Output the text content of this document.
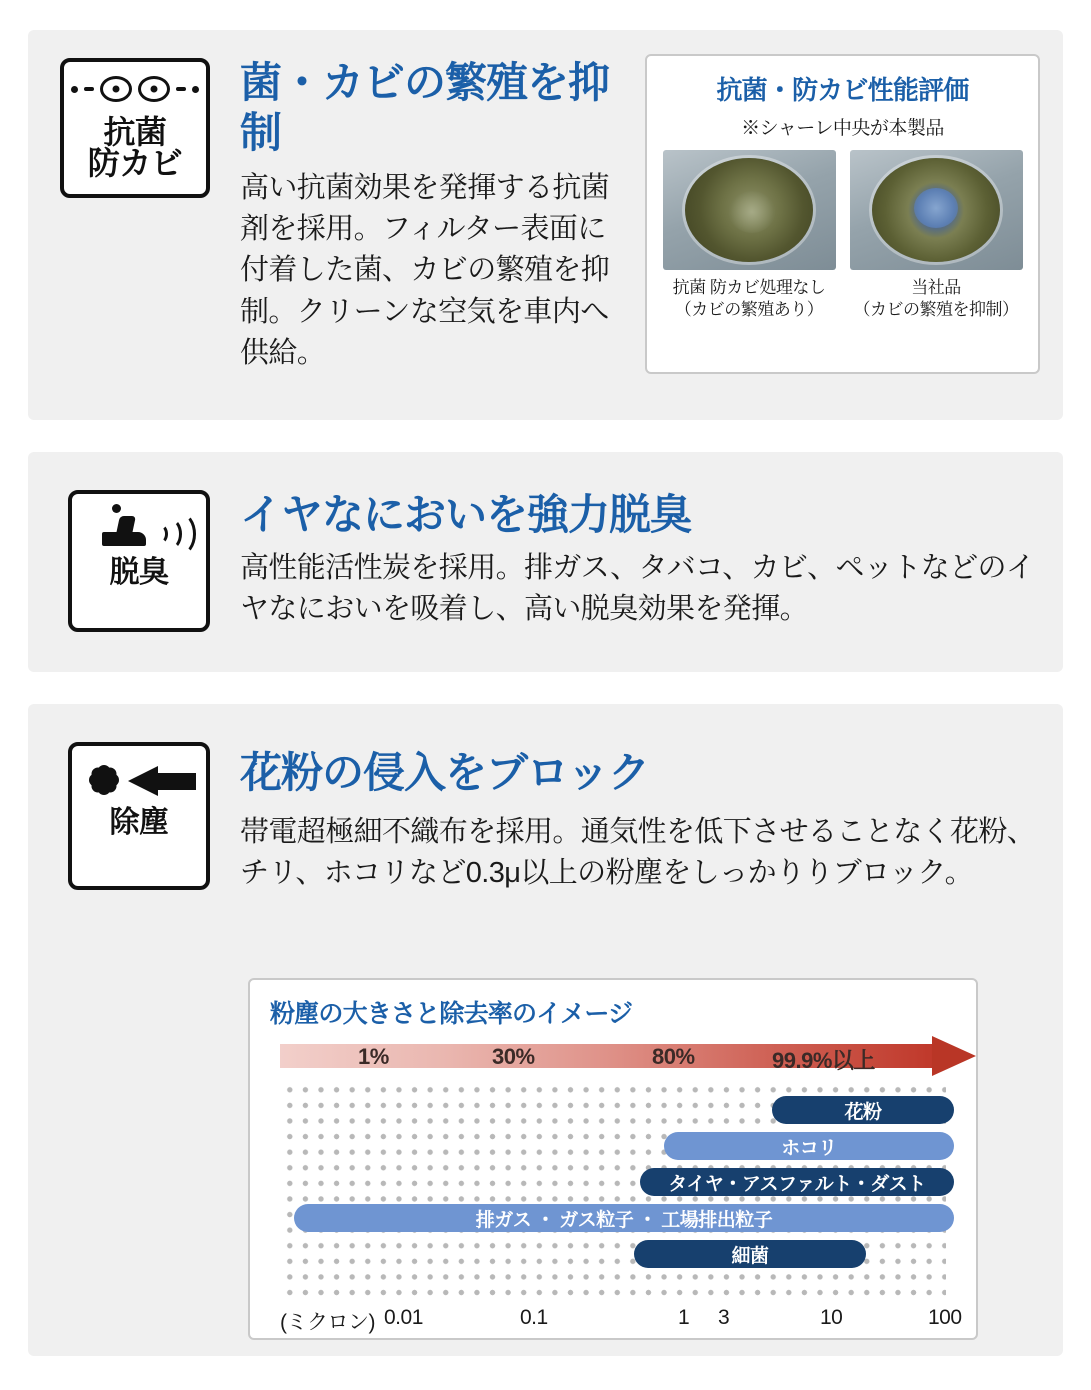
抗菌
防カビ
菌・カビの繁殖を抑制
高い抗菌効果を発揮する抗菌剤を採用。フィルター表面に付着した菌、カビの繁殖を抑制。クリーンな空気を車内へ供給。
抗菌・防カビ性能評価
※シャーレ中央が本製品
抗菌 防カビ処理なし
（カビの繁殖あり）
当社品
（カビの繁殖を抑制）
脱臭
イヤなにおいを強力脱臭
高性能活性炭を採用。排ガス、タバコ、カビ、ペットなどのイヤなにおいを吸着し、高い脱臭効果を発揮。
除塵
花粉の侵入をブロック
帯電超極細不織布を採用。通気性を低下させることなく花粉、チリ、ホコリなど0.3μ以上の粉塵をしっかりりブロック。
粉塵の大きさと除去率のイメージ
1%	30%	80%	99.9%以上
花粉
ホコリ
タイヤ・アスファルト・ダスト
排ガス ・ ガス粒子 ・ 工場排出粒子
細菌
(ミクロン) 0.01	0.1	1 3	10	100
